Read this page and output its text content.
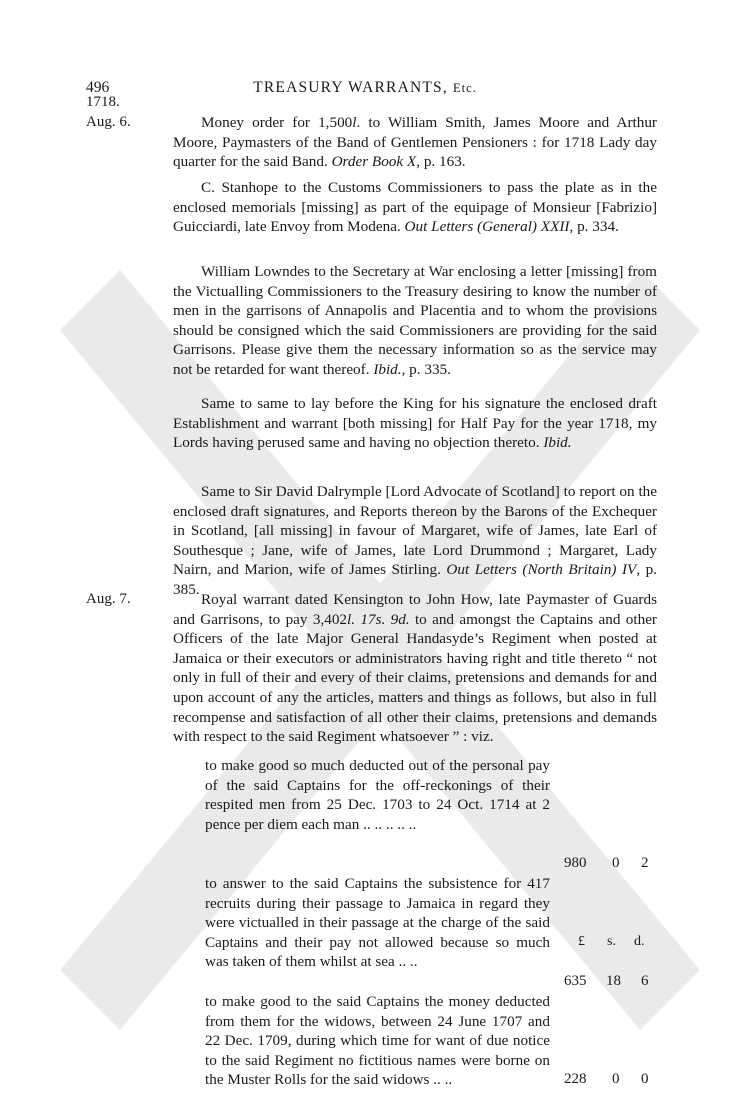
496	TREASURY WARRANTS, Etc.
1718.
Aug. 6.	Money order for 1,500l. to William Smith, James Moore and Arthur Moore, Paymasters of the Band of Gentlemen Pensioners : for 1718 Lady day quarter for the said Band. Order Book X, p. 163.

C. Stanhope to the Customs Commissioners to pass the plate as in the enclosed memorials [missing] as part of the equipage of Monsieur [Fabrizio] Guicciardi, late Envoy from Modena. Out Letters (General) XXII, p. 334.

William Lowndes to the Secretary at War enclosing a letter [missing] from the Victualling Commissioners to the Treasury desiring to know the number of men in the garrisons of Annapolis and Placentia and to whom the provisions should be consigned which the said Commissioners are providing for the said Garrisons. Please give them the necessary information so as the service may not be retarded for want thereof. Ibid., p. 335.

Same to same to lay before the King for his signature the enclosed draft Establishment and warrant [both missing] for Half Pay for the year 1718, my Lords having perused same and having no objection thereto. Ibid.

Same to Sir David Dalrymple [Lord Advocate of Scotland] to report on the enclosed draft signatures, and Reports thereon by the Barons of the Exchequer in Scotland, [all missing] in favour of Margaret, wife of James, late Earl of Southesque ; Jane, wife of James, late Lord Drummond ; Margaret, Lady Nairn, and Marion, wife of James Stirling. Out Letters (North Britain) IV, p. 385.

Aug. 7.	Royal warrant dated Kensington to John How, late Paymaster of Guards and Garrisons, to pay 3,402l. 17s. 9d. to and amongst the Captains and other Officers of the late Major General Handasyde’s Regiment when posted at Jamaica or their executors or administrators having right and title thereto “ not only in full of their and every of their claims, pretensions and demands for and upon account of any the articles, matters and things as follows, but also in full recompense and satisfaction of all other their claims, pretensions and demands with respect to the said Regiment whatsoever ” : viz.

£ s. d.
to make good so much deducted out of the personal pay of the said Captains for the off-reckonings of their respited men from 25 Dec. 1703 to 24 Oct. 1714 at 2 pence per diem each man .. .. .. .. ..
980 0 2
to answer to the said Captains the subsistence for 417 recruits during their passage to Jamaica in regard they were victualled in their passage at the charge of the said Captains and their pay not allowed because so much was taken of them whilst at sea .. ..
635 18 6
to make good to the said Captains the money deducted from them for the widows, between 24 June 1707 and 22 Dec. 1709, during which time for want of due notice to the said Regiment no fictitious names were borne on the Muster Rolls for the said widows .. ..	228 0 0
